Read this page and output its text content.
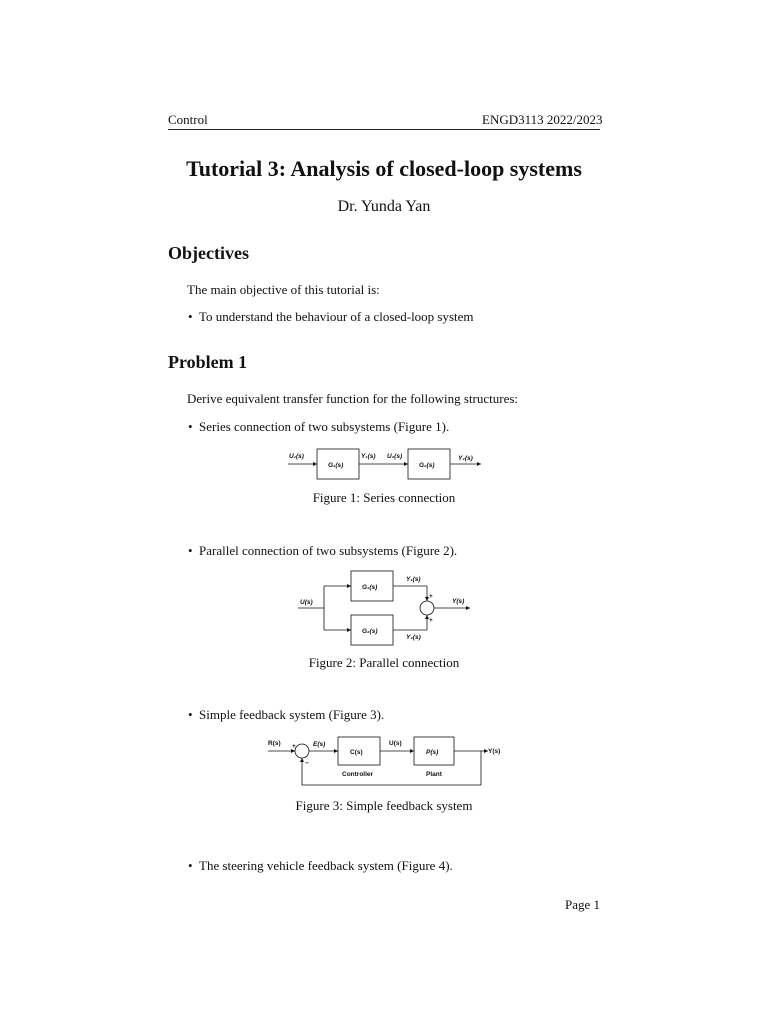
Control	ENGD3113 2022/2023
Tutorial 3: Analysis of closed-loop systems
Dr. Yunda Yan
Objectives
The main objective of this tutorial is:
• To understand the behaviour of a closed-loop system
Problem 1
Derive equivalent transfer function for the following structures:
• Series connection of two subsystems (Figure 1).
U₁(s)
G₁(s)
Y₁(s) U₂(s)
G₂(s)
Y₂(s)
Figure 1: Series connection
• Parallel connection of two subsystems (Figure 2).
U(s)
G₁(s)
G₂(s)
Y₁(s)
Y₂(s)
Y(s)
+
+
Figure 2: Parallel connection
• Simple feedback system (Figure 3).
R(s)	E(s)
C(s)
U(s)
P(s)	Y(s)
Controller	Plant
+
−
Figure 3: Simple feedback system
• The steering vehicle feedback system (Figure 4).
Page 1
